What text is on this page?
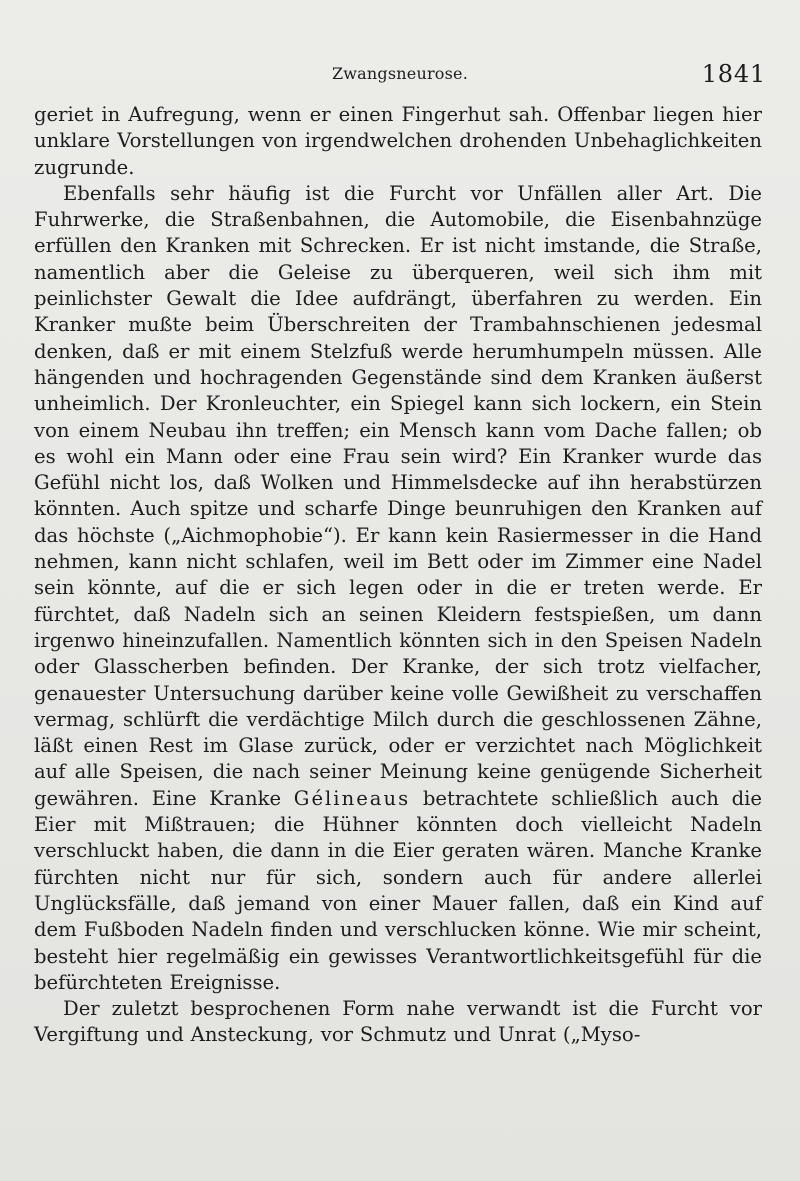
Zwangsneurose.	1841

geriet in Aufregung, wenn er einen Fingerhut sah. Offenbar liegen hier unklare Vorstellungen von irgendwelchen drohenden Unbehaglichkeiten zugrunde.

Ebenfalls sehr häufig ist die Furcht vor Unfällen aller Art. Die Fuhrwerke, die Straßenbahnen, die Automobile, die Eisenbahnzüge erfüllen den Kranken mit Schrecken. Er ist nicht imstande, die Straße, namentlich aber die Geleise zu überqueren, weil sich ihm mit peinlichster Gewalt die Idee aufdrängt, überfahren zu werden. Ein Kranker mußte beim Überschreiten der Trambahnschienen jedesmal denken, daß er mit einem Stelzfuß werde herumhumpeln müssen. Alle hängenden und hochragenden Gegenstände sind dem Kranken äußerst unheimlich. Der Kronleuchter, ein Spiegel kann sich lockern, ein Stein von einem Neubau ihn treffen; ein Mensch kann vom Dache fallen; ob es wohl ein Mann oder eine Frau sein wird? Ein Kranker wurde das Gefühl nicht los, daß Wolken und Himmelsdecke auf ihn herabstürzen könnten. Auch spitze und scharfe Dinge beunruhigen den Kranken auf das höchste („Aichmophobie“). Er kann kein Rasiermesser in die Hand nehmen, kann nicht schlafen, weil im Bett oder im Zimmer eine Nadel sein könnte, auf die er sich legen oder in die er treten werde. Er fürchtet, daß Nadeln sich an seinen Kleidern festspießen, um dann irgenwo hineinzufallen. Namentlich könnten sich in den Speisen Nadeln oder Glasscherben befinden. Der Kranke, der sich trotz vielfacher, genauester Untersuchung darüber keine volle Gewißheit zu verschaffen vermag, schlürft die verdächtige Milch durch die geschlossenen Zähne, läßt einen Rest im Glase zurück, oder er verzichtet nach Möglichkeit auf alle Speisen, die nach seiner Meinung keine genügende Sicherheit gewähren. Eine Kranke Gélineaus betrachtete schließlich auch die Eier mit Mißtrauen; die Hühner könnten doch vielleicht Nadeln verschluckt haben, die dann in die Eier geraten wären. Manche Kranke fürchten nicht nur für sich, sondern auch für andere allerlei Unglücksfälle, daß jemand von einer Mauer fallen, daß ein Kind auf dem Fußboden Nadeln finden und verschlucken könne. Wie mir scheint, besteht hier regelmäßig ein gewisses Verantwortlichkeitsgefühl für die befürchteten Ereignisse.

Der zuletzt besprochenen Form nahe verwandt ist die Furcht vor Vergiftung und Ansteckung, vor Schmutz und Unrat („Myso-
